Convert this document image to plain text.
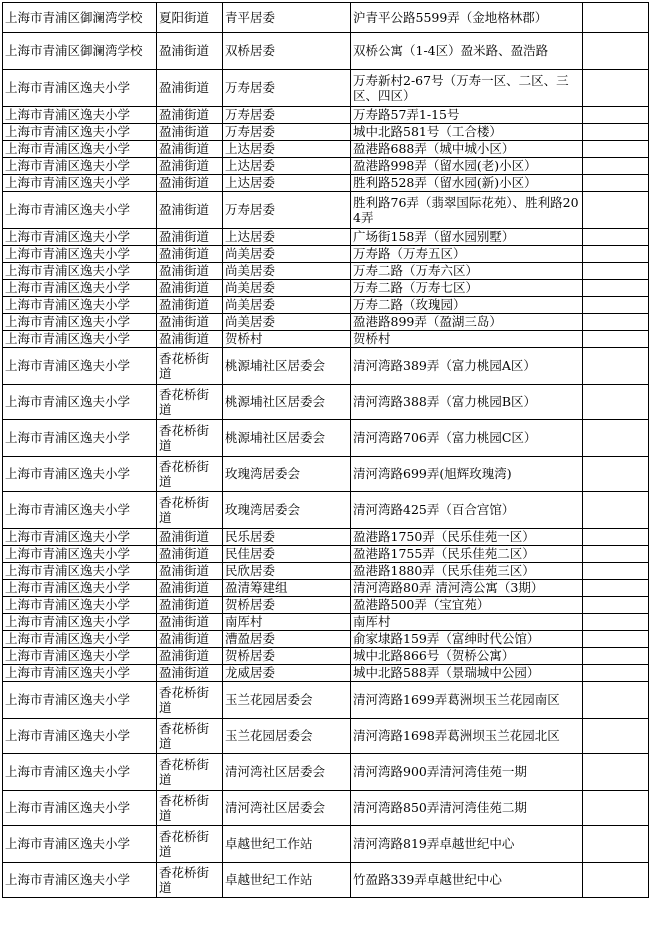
上海市青浦区御澜湾学校	夏阳街道	青平居委	沪青平公路5599弄（金地格林郡）	
上海市青浦区御澜湾学校	盈浦街道	双桥居委	双桥公寓（1-4区）盈米路、盈浩路	
上海市青浦区逸夫小学	盈浦街道	万寿居委	万寿新村2-67号（万寿一区、二区、三区、四区）	
上海市青浦区逸夫小学	盈浦街道	万寿居委	万寿路57弄1-15号	
上海市青浦区逸夫小学	盈浦街道	万寿居委	城中北路581号（工合楼）	
上海市青浦区逸夫小学	盈浦街道	上达居委	盈港路688弄（城中城小区）	
上海市青浦区逸夫小学	盈浦街道	上达居委	盈港路998弄（留水园(老)小区）	
上海市青浦区逸夫小学	盈浦街道	上达居委	胜利路528弄（留水园(新)小区）	
上海市青浦区逸夫小学	盈浦街道	万寿居委	胜利路76弄（翡翠国际花苑）、胜利路204弄	
上海市青浦区逸夫小学	盈浦街道	上达居委	广场街158弄（留水园别墅）	
上海市青浦区逸夫小学	盈浦街道	尚美居委	万寿路（万寿五区）	
上海市青浦区逸夫小学	盈浦街道	尚美居委	万寿二路（万寿六区）	
上海市青浦区逸夫小学	盈浦街道	尚美居委	万寿二路（万寿七区）	
上海市青浦区逸夫小学	盈浦街道	尚美居委	万寿二路（玫瑰园）	
上海市青浦区逸夫小学	盈浦街道	尚美居委	盈港路899弄（盈湖三岛）	
上海市青浦区逸夫小学	盈浦街道	贺桥村	贺桥村	
上海市青浦区逸夫小学	香花桥街道	桃源埔社区居委会	清河湾路389弄（富力桃园A区）	
上海市青浦区逸夫小学	香花桥街道	桃源埔社区居委会	清河湾路388弄（富力桃园B区）	
上海市青浦区逸夫小学	香花桥街道	桃源埔社区居委会	清河湾路706弄（富力桃园C区）	
上海市青浦区逸夫小学	香花桥街道	玫瑰湾居委会	清河湾路699弄(旭辉玫瑰湾)	
上海市青浦区逸夫小学	香花桥街道	玫瑰湾居委会	清河湾路425弄（百合宫馆）	
上海市青浦区逸夫小学	盈浦街道	民乐居委	盈港路1750弄（民乐佳苑一区）	
上海市青浦区逸夫小学	盈浦街道	民佳居委	盈港路1755弄（民乐佳苑二区）	
上海市青浦区逸夫小学	盈浦街道	民欣居委	盈港路1880弄（民乐佳苑三区）	
上海市青浦区逸夫小学	盈浦街道	盈清筹建组	清河湾路80弄 清河湾公寓（3期）	
上海市青浦区逸夫小学	盈浦街道	贺桥居委	盈港路500弄（宝宜苑）	
上海市青浦区逸夫小学	盈浦街道	南厍村	南厍村	
上海市青浦区逸夫小学	盈浦街道	漕盈居委	俞家埭路159弄（富绅时代公馆）	
上海市青浦区逸夫小学	盈浦街道	贺桥居委	城中北路866号（贺桥公寓）	
上海市青浦区逸夫小学	盈浦街道	龙威居委	城中北路588弄（景瑞城中公园）	
上海市青浦区逸夫小学	香花桥街道	玉兰花园居委会	清河湾路1699弄葛洲坝玉兰花园南区	
上海市青浦区逸夫小学	香花桥街道	玉兰花园居委会	清河湾路1698弄葛洲坝玉兰花园北区	
上海市青浦区逸夫小学	香花桥街道	清河湾社区居委会	清河湾路900弄清河湾佳苑一期	
上海市青浦区逸夫小学	香花桥街道	清河湾社区居委会	清河湾路850弄清河湾佳苑二期	
上海市青浦区逸夫小学	香花桥街道	卓越世纪工作站	清河湾路819弄卓越世纪中心	
上海市青浦区逸夫小学	香花桥街道	卓越世纪工作站	竹盈路339弄卓越世纪中心	
